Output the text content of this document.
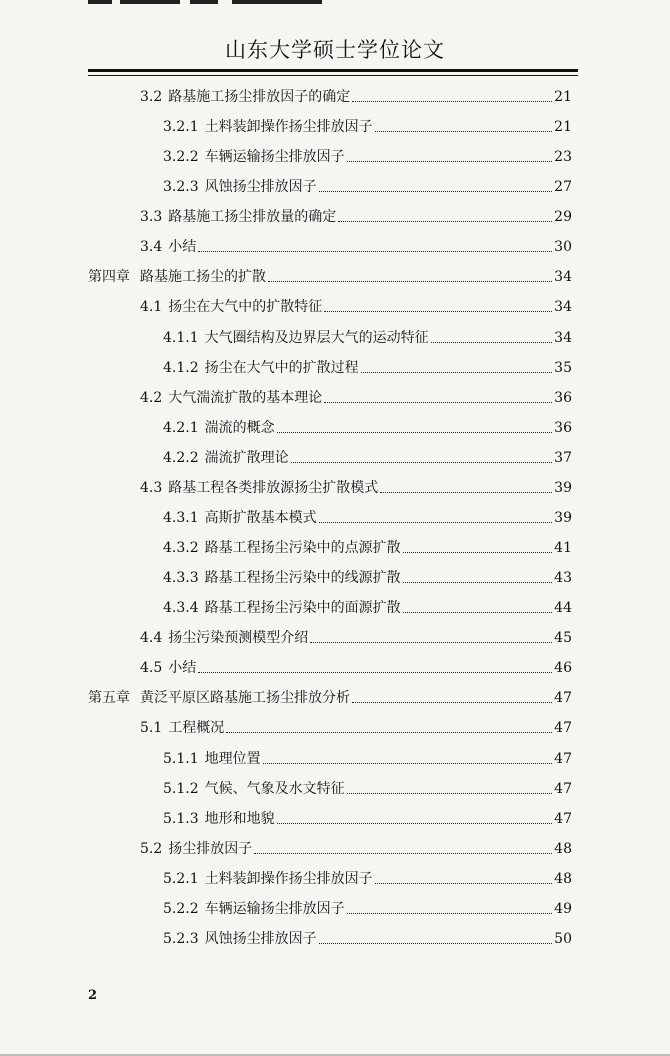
山东大学硕士学位论文
3.2 路基施工扬尘排放因子的确定	21
3.2.1 土料装卸操作扬尘排放因子	21
3.2.2 车辆运输扬尘排放因子	23
3.2.3 风蚀扬尘排放因子	27
3.3 路基施工扬尘排放量的确定	29
3.4 小结	30
第四章 路基施工扬尘的扩散	34
4.1 扬尘在大气中的扩散特征	34
4.1.1 大气圈结构及边界层大气的运动特征	34
4.1.2 扬尘在大气中的扩散过程	35
4.2 大气湍流扩散的基本理论	36
4.2.1 湍流的概念	36
4.2.2 湍流扩散理论	37
4.3 路基工程各类排放源扬尘扩散模式	39
4.3.1 高斯扩散基本模式	39
4.3.2 路基工程扬尘污染中的点源扩散	41
4.3.3 路基工程扬尘污染中的线源扩散	43
4.3.4 路基工程扬尘污染中的面源扩散	44
4.4 扬尘污染预测模型介绍	45
4.5 小结	46
第五章 黄泛平原区路基施工扬尘排放分析	47
5.1 工程概况	47
5.1.1 地理位置	47
5.1.2 气候、气象及水文特征	47
5.1.3 地形和地貌	47
5.2 扬尘排放因子	48
5.2.1 土料装卸操作扬尘排放因子	48
5.2.2 车辆运输扬尘排放因子	49
5.2.3 风蚀扬尘排放因子	50
2
